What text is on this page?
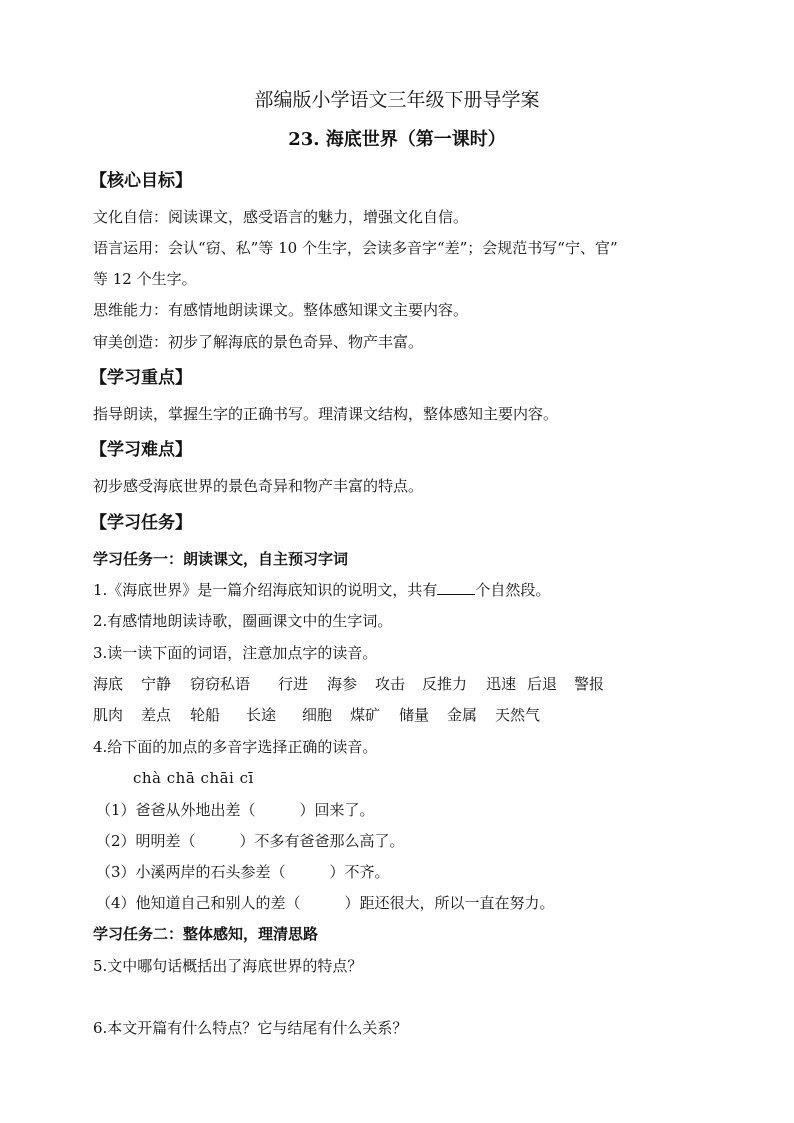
部编版小学语文三年级下册导学案
23. 海底世界（第一课时）
【核心目标】
文化自信：阅读课文，感受语言的魅力，增强文化自信。
语言运用：会认“窃、私”等 10 个生字，会读多音字“差”；会规范书写“宁、官”
等 12 个生字。
思维能力：有感情地朗读课文。整体感知课文主要内容。
审美创造：初步了解海底的景色奇异、物产丰富。
【学习重点】
指导朗读，掌握生字的正确书写。理清课文结构，整体感知主要内容。
【学习难点】
初步感受海底世界的景色奇异和物产丰富的特点。
【学习任务】
学习任务一：朗读课文，自主预习字词
1.《海底世界》是一篇介绍海底知识的说明文，共有	个自然段。
2.有感情地朗读诗歌，圈画课文中的生字词。
3.读一读下面的词语，注意加点字的读音。
海底 宁静 窃窃私语 行进 海参 攻击 反推力 迅速 后退 警报
肌肉 差点 轮船 长途 细胞 煤矿 储量 金属 天然气
4.给下面的加点的多音字选择正确的读音。
chà chā chāi cī
（1）爸爸从外地出差（	）回来了。
（2）明明差（	）不多有爸爸那么高了。
（3）小溪两岸的石头参差（	）不齐。
（4）他知道自己和别人的差（	）距还很大，所以一直在努力。
学习任务二：整体感知，理清思路
5.文中哪句话概括出了海底世界的特点？
6.本文开篇有什么特点？它与结尾有什么关系？
